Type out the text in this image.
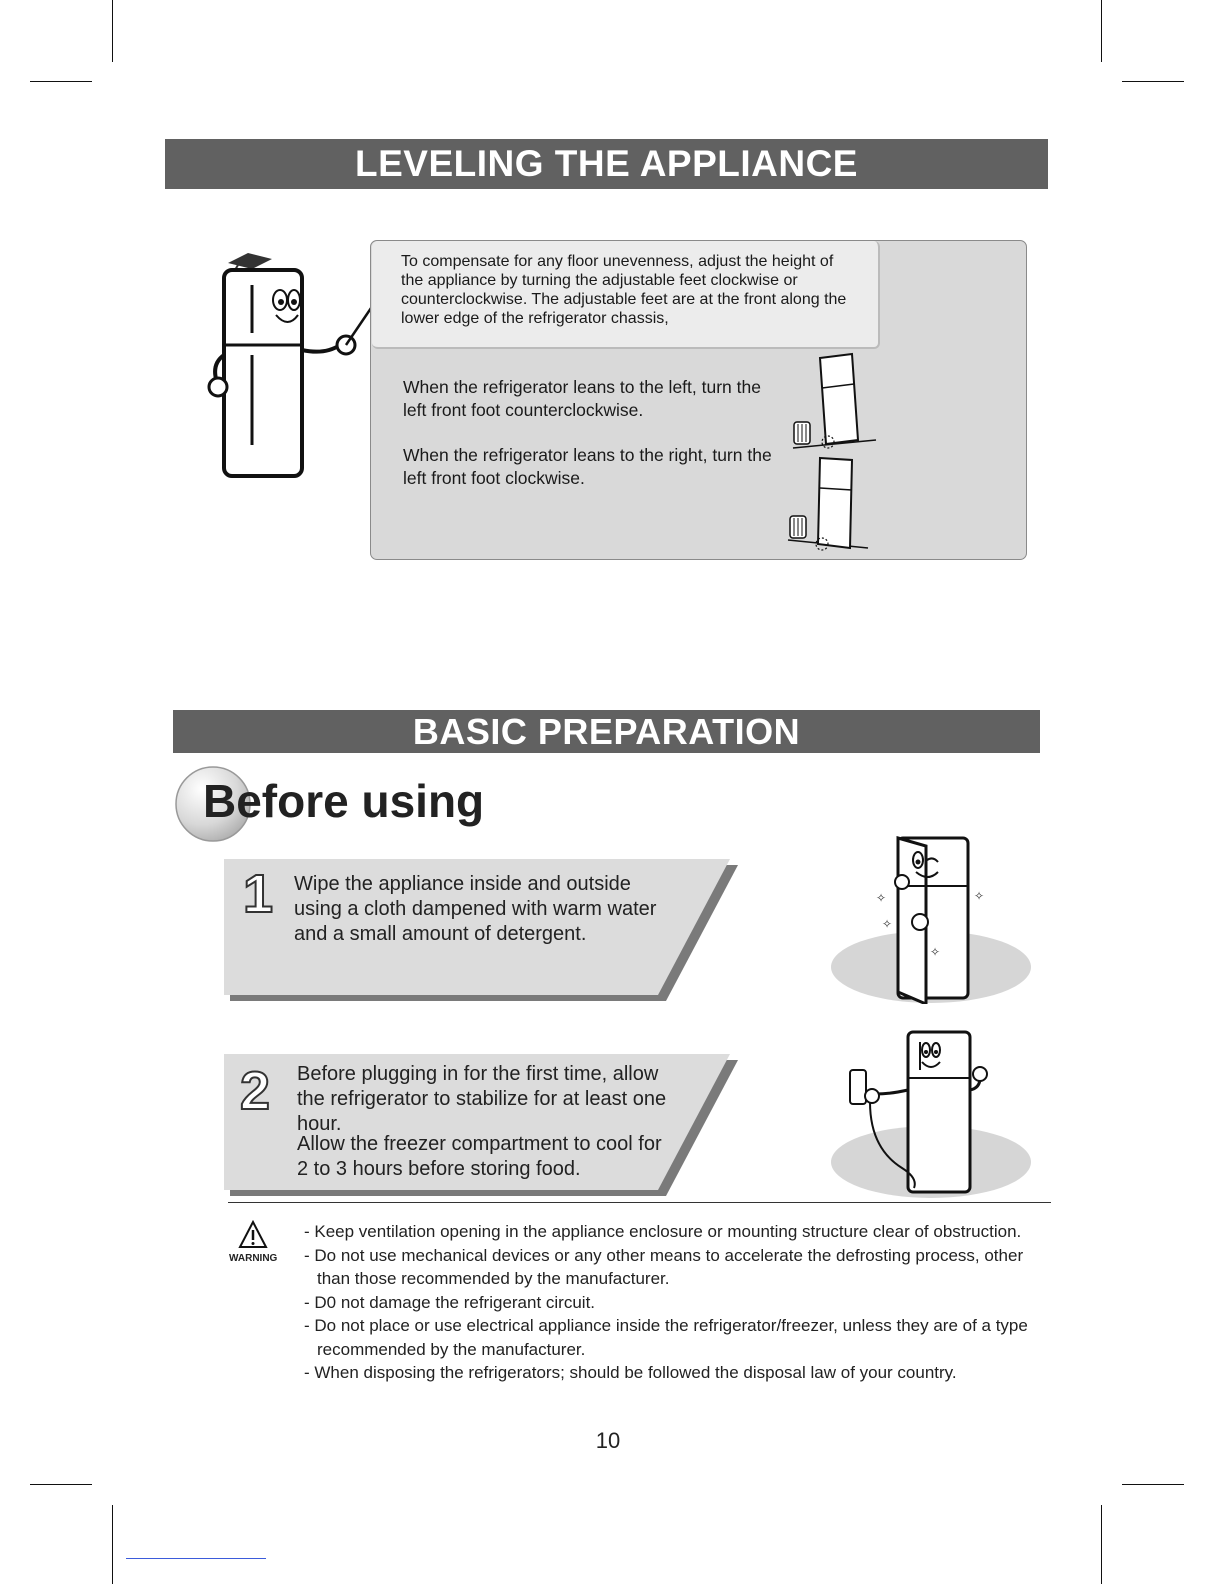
LEVELING THE APPLIANCE

To compensate for any floor unevenness, adjust the height of the appliance by turning the adjustable feet clockwise or counterclockwise. The adjustable feet are at the front along the lower edge of the refrigerator chassis,

When the refrigerator leans to the left, turn the left front foot counterclockwise.

When the refrigerator leans to the right, turn the left front foot clockwise.

BASIC PREPARATION
Before using
1 Wipe the appliance inside and outside using a cloth dampened with warm water and a small amount of detergent.

2 Before plugging in for the first time, allow the refrigerator to stabilize for at least one hour.

Allow the freezer compartment to cool for 2 to 3 hours before storing food.

✧
✧
✧
✧
WARNING
- Keep ventilation opening in the appliance enclosure or mounting structure clear of obstruction.
- Do not use mechanical devices or any other means to accelerate the defrosting process, other than those recommended by the manufacturer.
- D0 not damage the refrigerant circuit.
- Do not place or use electrical appliance inside the refrigerator/freezer, unless they are of a type recommended by the manufacturer.
- When disposing the refrigerators; should be followed the disposal law of your country.
10
